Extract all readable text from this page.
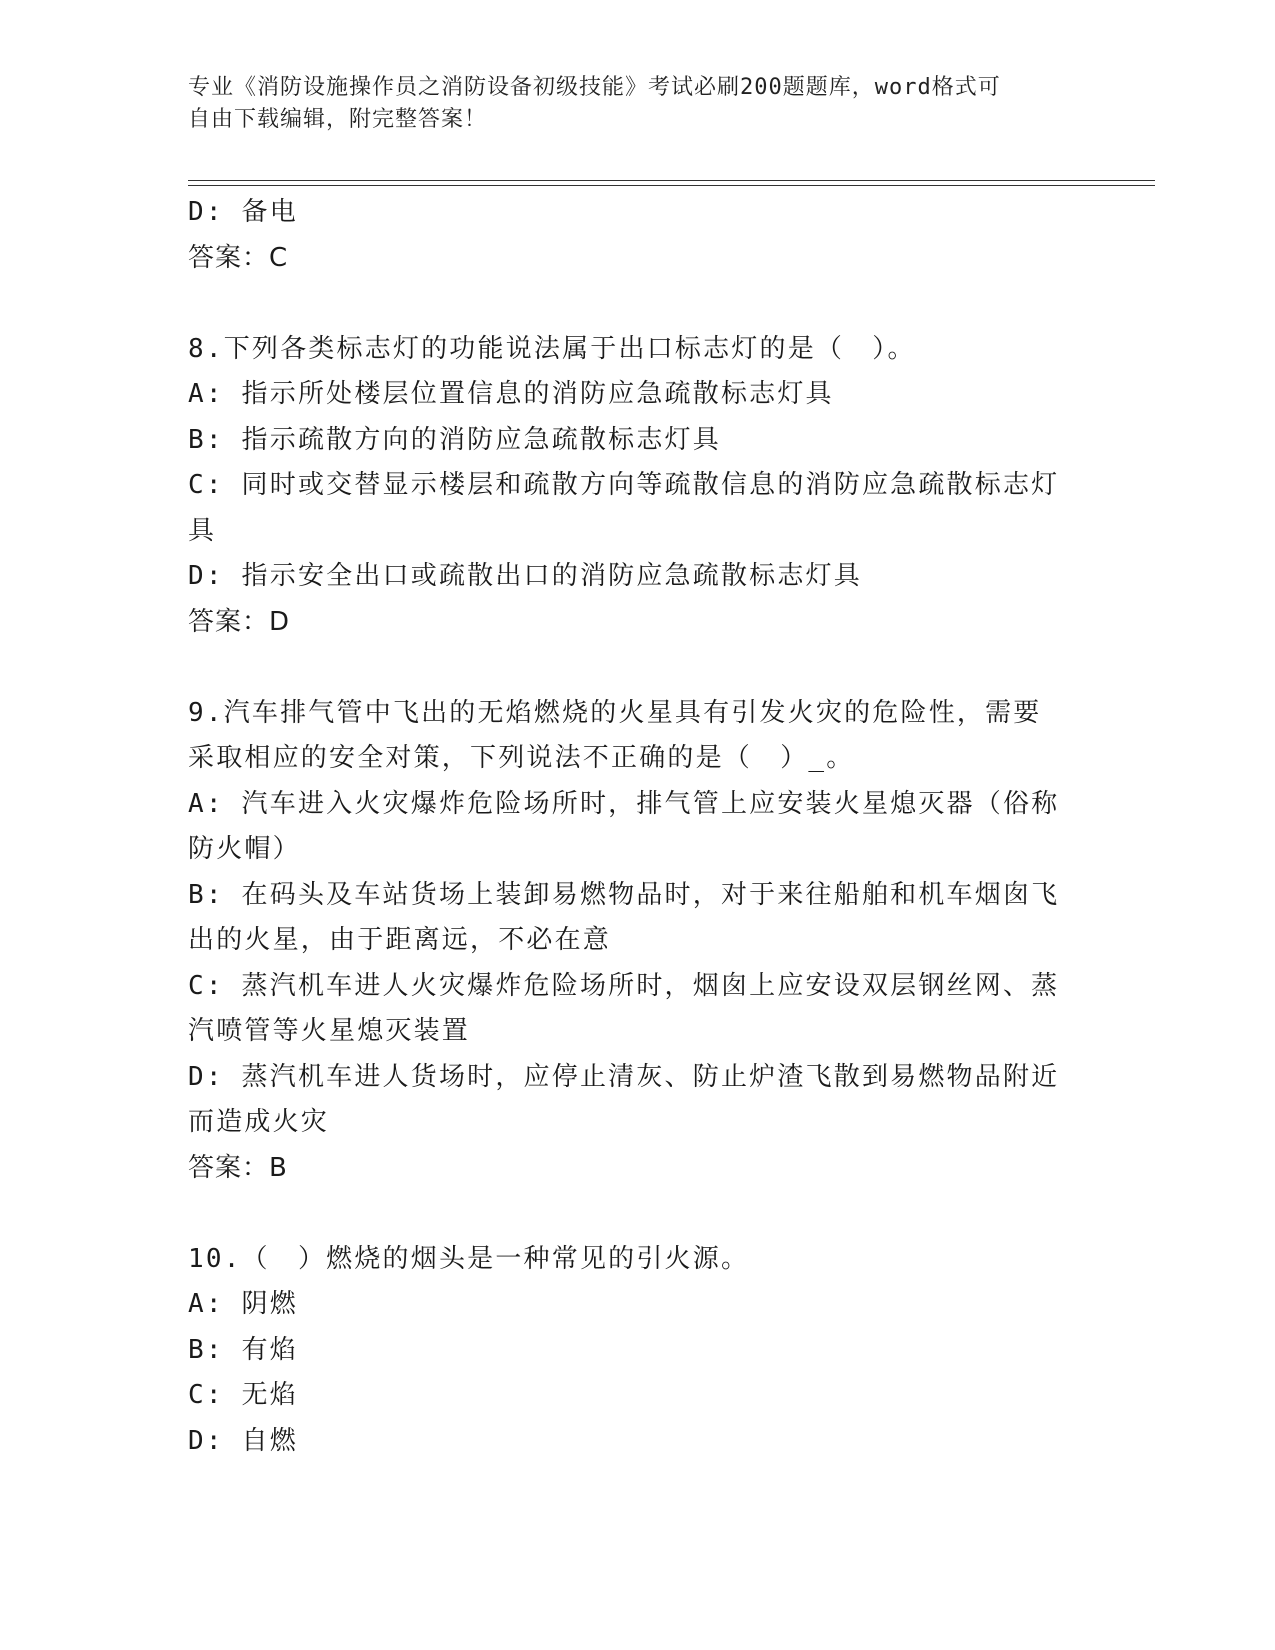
专业《消防设施操作员之消防设备初级技能》考试必刷200题题库，word格式可
自由下载编辑，附完整答案！
D: 备电
答案：C
8.下列各类标志灯的功能说法属于出口标志灯的是（　）。
A: 指示所处楼层位置信息的消防应急疏散标志灯具
B: 指示疏散方向的消防应急疏散标志灯具
C: 同时或交替显示楼层和疏散方向等疏散信息的消防应急疏散标志灯
具
D: 指示安全出口或疏散出口的消防应急疏散标志灯具
答案：D
9.汽车排气管中飞出的无焰燃烧的火星具有引发火灾的危险性，需要
采取相应的安全对策，下列说法不正确的是（　）_。
A: 汽车进入火灾爆炸危险场所时，排气管上应安装火星熄灭器（俗称
防火帽）
B: 在码头及车站货场上装卸易燃物品时，对于来往船舶和机车烟囱飞
出的火星，由于距离远，不必在意
C: 蒸汽机车进人火灾爆炸危险场所时，烟囱上应安设双层钢丝网、蒸
汽喷管等火星熄灭装置
D: 蒸汽机车进人货场时，应停止清灰、防止炉渣飞散到易燃物品附近
而造成火灾
答案：B
10.（　）燃烧的烟头是一种常见的引火源。
A: 阴燃
B: 有焰
C: 无焰
D: 自燃
